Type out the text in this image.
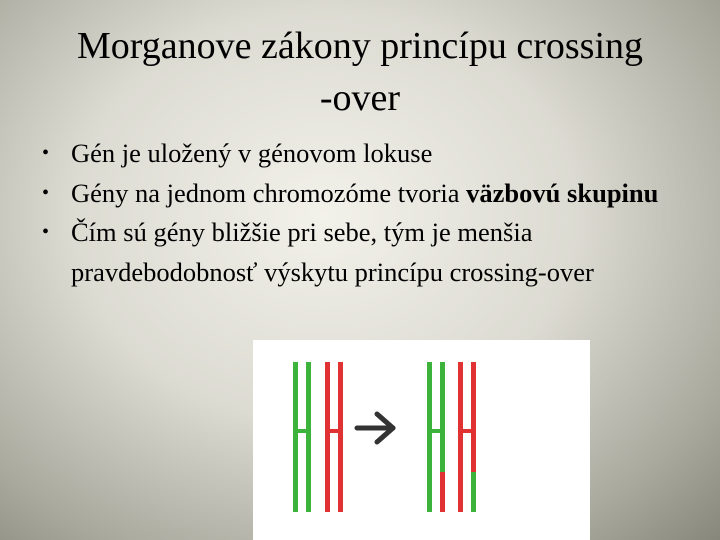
Morganove zákony princípu crossing
-over
• Gén je uložený v génovom lokuse
• Gény na jednom chromozóme tvoria väzbovú skupinu
• Čím sú gény bližšie pri sebe, tým je menšia pravdebodobnosť výskytu princípu crossing-over
